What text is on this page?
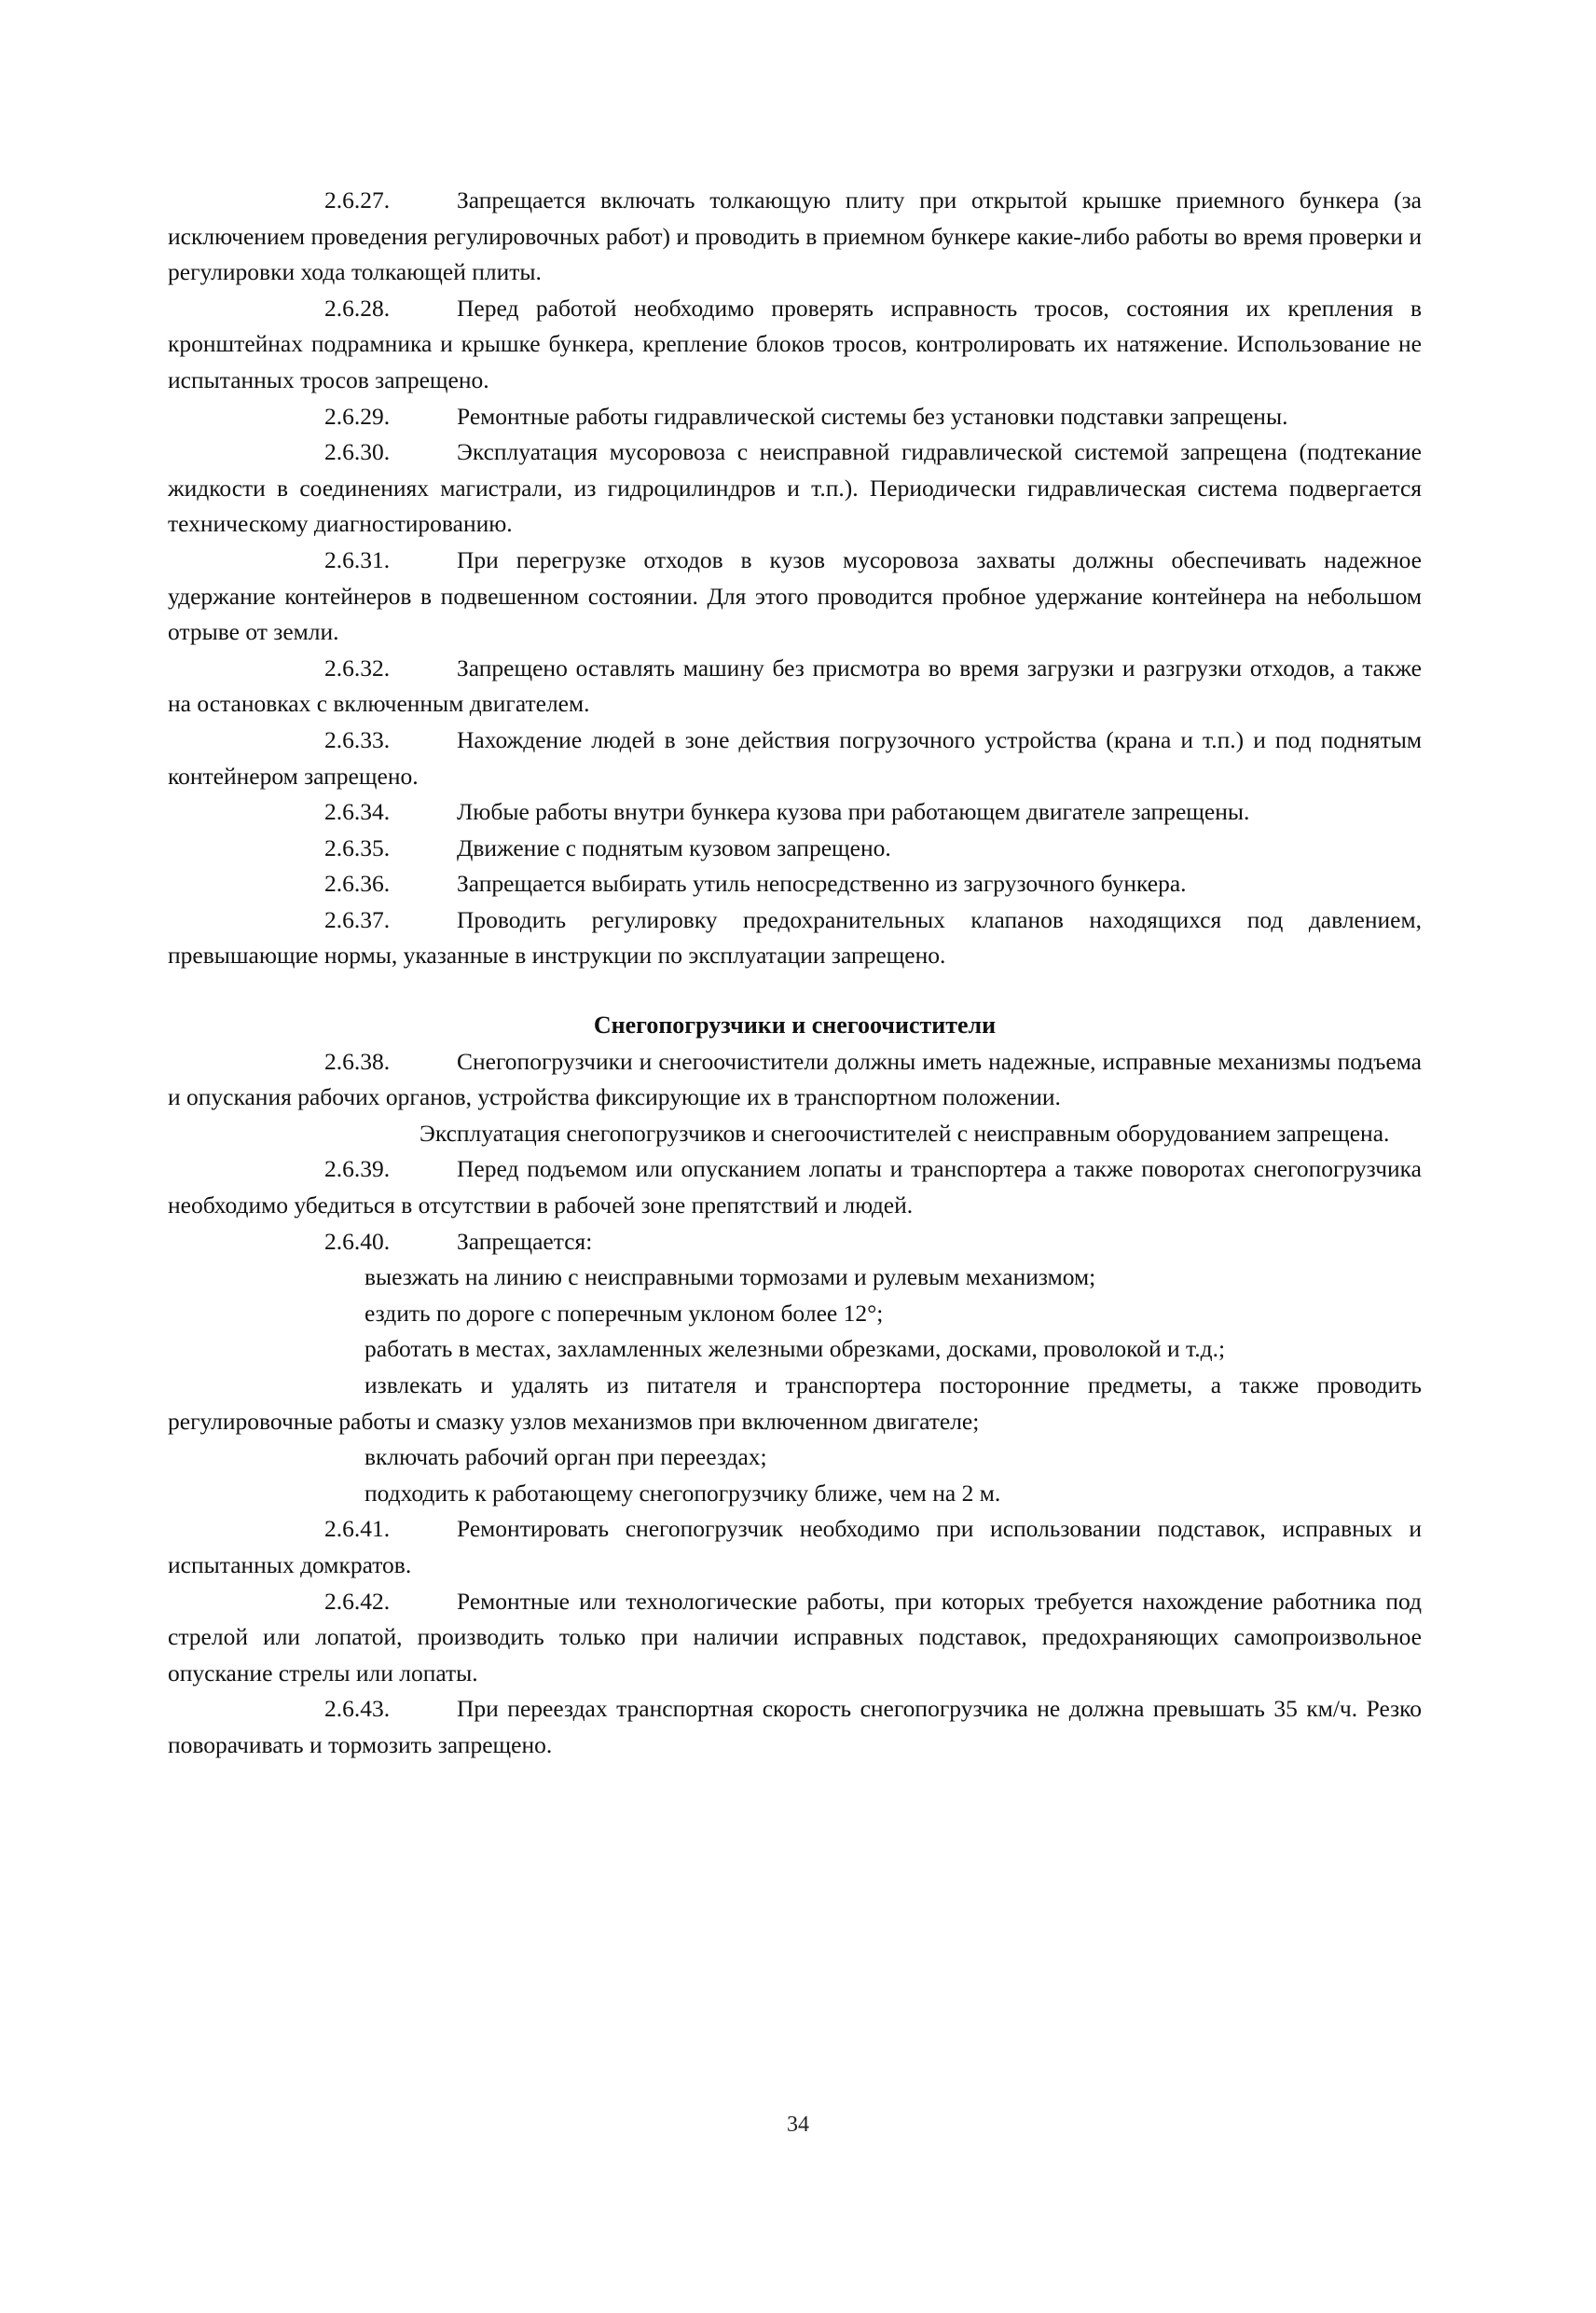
2.6.27.	Запрещается включать толкающую плиту при открытой крышке приемного бункера (за исключением проведения регулировочных работ) и проводить в приемном бункере какие-либо работы во время проверки и регулировки хода толкающей плиты.

2.6.28.	Перед работой необходимо проверять исправность тросов, состояния их крепления в кронштейнах подрамника и крышке бункера, крепление блоков тросов, контролировать их натяжение. Использование не испытанных тросов запрещено.

2.6.29.	Ремонтные работы гидравлической системы без установки подставки запрещены.

2.6.30.	Эксплуатация мусоровоза с неисправной гидравлической системой запрещена (подтекание жидкости в соединениях магистрали, из гидроцилиндров и т.п.). Периодически гидравлическая система подвергается техническому диагностированию.

2.6.31.	При перегрузке отходов в кузов мусоровоза захваты должны обеспечивать надежное удержание контейнеров в подвешенном состоянии. Для этого проводится пробное удержание контейнера на небольшом отрыве от земли.

2.6.32.	Запрещено оставлять машину без присмотра во время загрузки и разгрузки отходов, а также на остановках с включенным двигателем.

2.6.33.	Нахождение людей в зоне действия погрузочного устройства (крана и т.п.) и под поднятым контейнером запрещено.

2.6.34.	Любые работы внутри бункера кузова при работающем двигателе запрещены.

2.6.35.	Движение с поднятым кузовом запрещено.

2.6.36.	Запрещается выбирать утиль непосредственно из загрузочного бункера.

2.6.37.	Проводить регулировку предохранительных клапанов находящихся под давлением, превышающие нормы, указанные в инструкции по эксплуатации запрещено.

Снегопогрузчики и снегоочистители

2.6.38.	Снегопогрузчики и снегоочистители должны иметь надежные, исправные механизмы подъема и опускания рабочих органов, устройства фиксирующие их в транспортном положении.

Эксплуатация снегопогрузчиков и снегоочистителей с неисправным оборудованием запрещена.

2.6.39.	Перед подъемом или опусканием лопаты и транспортера а также поворотах снегопогрузчика необходимо убедиться в отсутствии в рабочей зоне препятствий и людей.

2.6.40.	Запрещается:

выезжать на линию с неисправными тормозами и рулевым механизмом;

ездить по дороге с поперечным уклоном более 12°;

работать в местах, захламленных железными обрезками, досками, проволокой и т.д.;

извлекать и удалять из питателя и транспортера посторонние предметы, а также проводить регулировочные работы и смазку узлов механизмов при включенном двигателе;

включать рабочий орган при переездах;

подходить к работающему снегопогрузчику ближе, чем на 2 м.

2.6.41.	Ремонтировать снегопогрузчик необходимо при использовании подставок, исправных и испытанных домкратов.

2.6.42.	Ремонтные или технологические работы, при которых требуется нахождение работника под стрелой или лопатой, производить только при наличии исправных подставок, предохраняющих самопроизвольное опускание стрелы или лопаты.

2.6.43.	При переездах транспортная скорость снегопогрузчика не должна превышать 35 км/ч. Резко поворачивать и тормозить запрещено.

34
